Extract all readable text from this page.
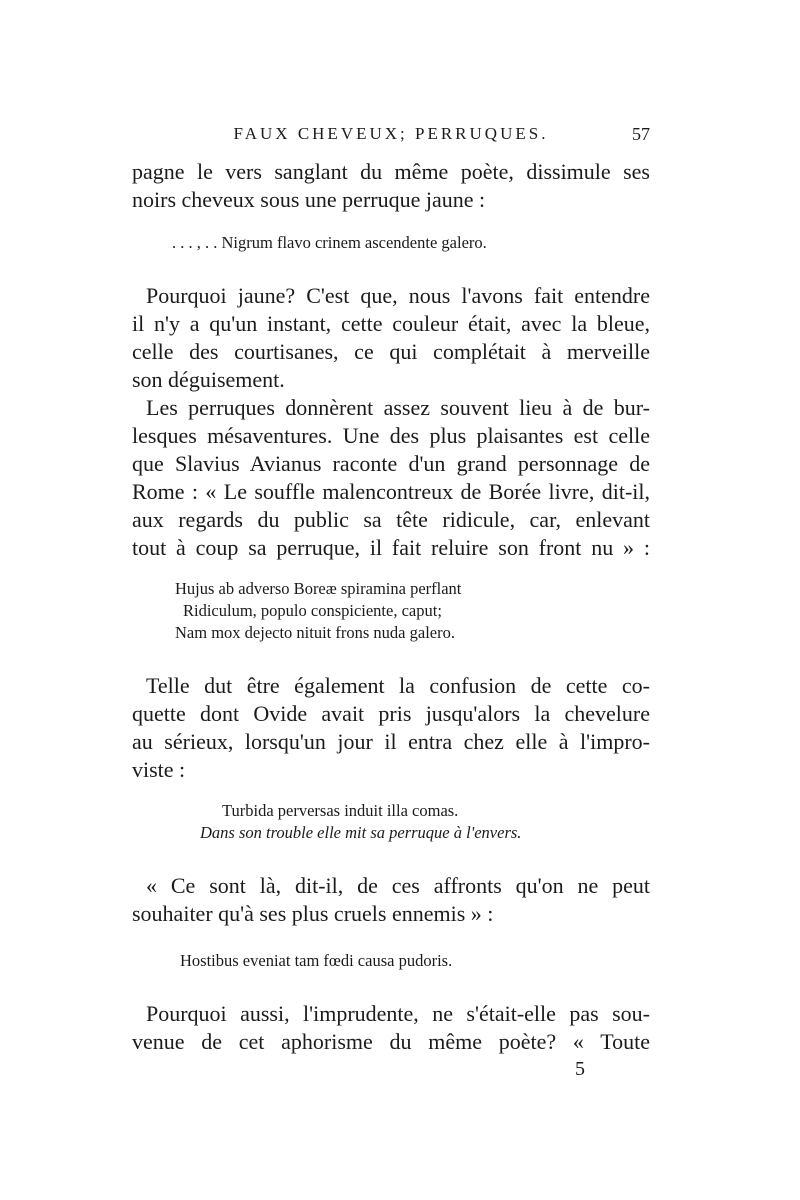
FAUX CHEVEUX; PERRUQUES.	57
pagne le vers sanglant du même poète, dissimule ses
noirs cheveux sous une perruque jaune :
. . . , . . Nigrum flavo crinem ascendente galero.
Pourquoi jaune? C'est que, nous l'avons fait entendre
il n'y a qu'un instant, cette couleur était, avec la bleue,
celle des courtisanes, ce qui complétait à merveille
son déguisement.
Les perruques donnèrent assez souvent lieu à de bur-
lesques mésaventures. Une des plus plaisantes est celle
que Slavius Avianus raconte d'un grand personnage de
Rome : « Le souffle malencontreux de Borée livre, dit-il,
aux regards du public sa tête ridicule, car, enlevant
tout à coup sa perruque, il fait reluire son front nu » :
Hujus ab adverso Boreæ spiramina perflant
Ridiculum, populo conspiciente, caput;
Nam mox dejecto nituit frons nuda galero.
Telle dut être également la confusion de cette co-
quette dont Ovide avait pris jusqu'alors la chevelure
au sérieux, lorsqu'un jour il entra chez elle à l'impro-
viste :
Turbida perversas induit illa comas.
Dans son trouble elle mit sa perruque à l'envers.
« Ce sont là, dit-il, de ces affronts qu'on ne peut
souhaiter qu'à ses plus cruels ennemis » :
Hostibus eveniat tam fœdi causa pudoris.
Pourquoi aussi, l'imprudente, ne s'était-elle pas sou-
venue de cet aphorisme du même poète? « Toute
5
